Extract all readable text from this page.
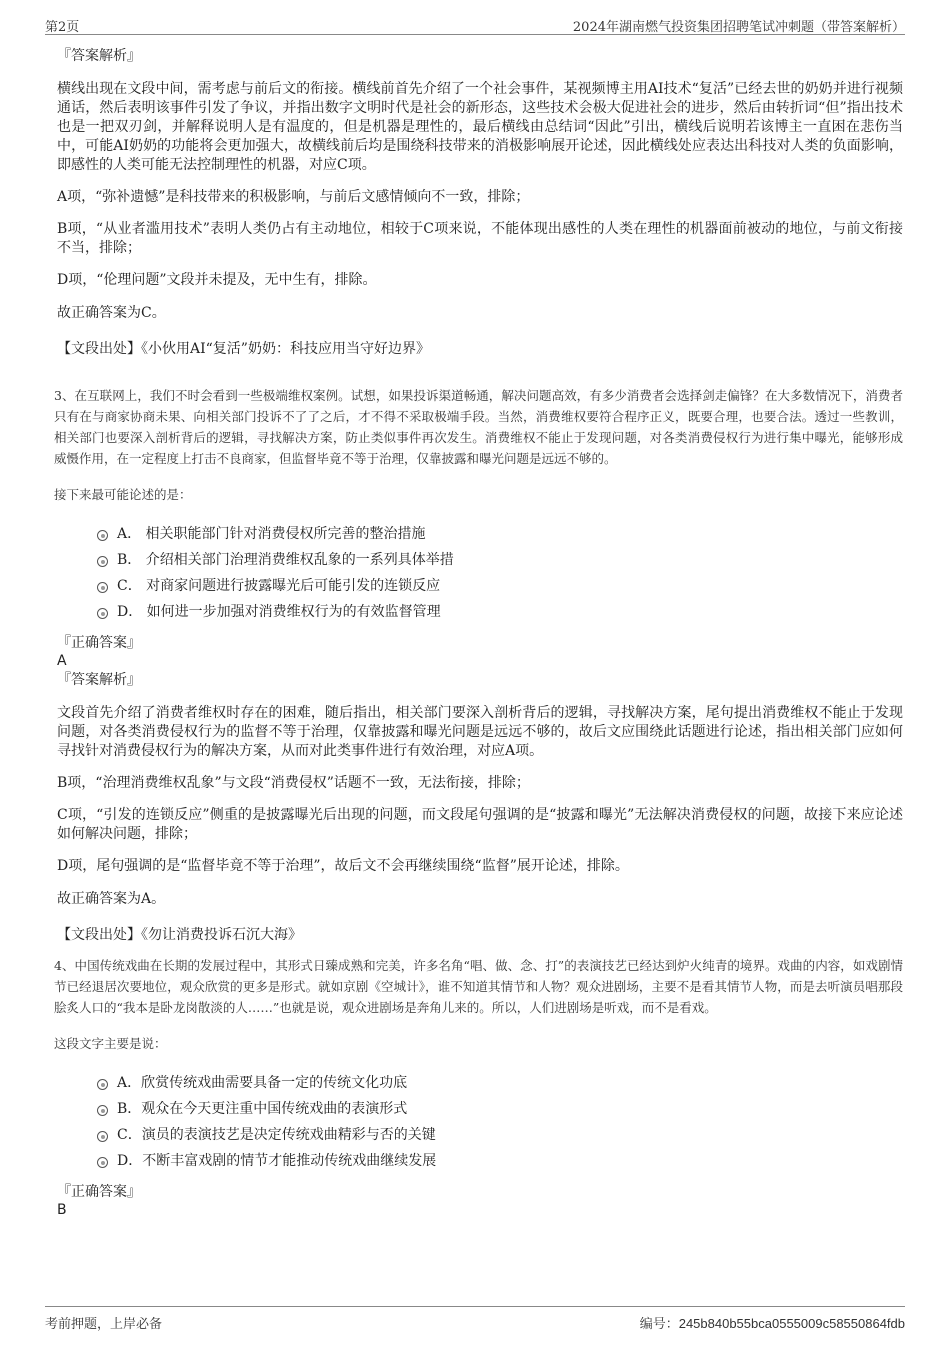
第2页	2024年湖南燃气投资集团招聘笔试冲刺题（带答案解析）

『答案解析』

横线出现在文段中间，需考虑与前后文的衔接。横线前首先介绍了一个社会事件，某视频博主用AI技术“复活”已经去世的奶奶并进行视频通话，然后表明该事件引发了争议，并指出数字文明时代是社会的新形态，这些技术会极大促进社会的进步，然后由转折词“但”指出技术也是一把双刃剑，并解释说明人是有温度的，但是机器是理性的，最后横线由总结词“因此”引出，横线后说明若该博主一直困在悲伤当中，可能AI奶奶的功能将会更加强大，故横线前后均是围绕科技带来的消极影响展开论述，因此横线处应表达出科技对人类的负面影响，即感性的人类可能无法控制理性的机器，对应C项。

A项，“弥补遗憾”是科技带来的积极影响，与前后文感情倾向不一致，排除；

B项，“从业者滥用技术”表明人类仍占有主动地位，相较于C项来说，不能体现出感性的人类在理性的机器面前被动的地位，与前文衔接不当，排除；

D项，“伦理问题”文段并未提及，无中生有，排除。

故正确答案为C。

【文段出处】《小伙用AI“复活”奶奶：科技应用当守好边界》

3、在互联网上，我们不时会看到一些极端维权案例。试想，如果投诉渠道畅通，解决问题高效，有多少消费者会选择剑走偏锋？在大多数情况下，消费者只有在与商家协商未果、向相关部门投诉不了了之后，才不得不采取极端手段。当然，消费维权要符合程序正义，既要合理，也要合法。透过一些教训，相关部门也要深入剖析背后的逻辑，寻找解决方案，防止类似事件再次发生。消费维权不能止于发现问题，对各类消费侵权行为进行集中曝光，能够形成威慑作用，在一定程度上打击不良商家，但监督毕竟不等于治理，仅靠披露和曝光问题是远远不够的。

接下来最可能论述的是：

A． 相关职能部门针对消费侵权所完善的整治措施
B． 介绍相关部门治理消费维权乱象的一系列具体举措
C． 对商家问题进行披露曝光后可能引发的连锁反应
D． 如何进一步加强对消费维权行为的有效监督管理

『正确答案』

A

『答案解析』

文段首先介绍了消费者维权时存在的困难，随后指出，相关部门要深入剖析背后的逻辑，寻找解决方案，尾句提出消费维权不能止于发现问题，对各类消费侵权行为的监督不等于治理，仅靠披露和曝光问题是远远不够的，故后文应围绕此话题进行论述，指出相关部门应如何寻找针对消费侵权行为的解决方案，从而对此类事件进行有效治理，对应A项。

B项，“治理消费维权乱象”与文段“消费侵权”话题不一致，无法衔接，排除；

C项，“引发的连锁反应”侧重的是披露曝光后出现的问题，而文段尾句强调的是“披露和曝光”无法解决消费侵权的问题，故接下来应论述如何解决问题，排除；

D项，尾句强调的是“监督毕竟不等于治理”，故后文不会再继续围绕“监督”展开论述，排除。

故正确答案为A。

【文段出处】《勿让消费投诉石沉大海》

4、中国传统戏曲在长期的发展过程中，其形式日臻成熟和完美，许多名角“唱、做、念、打”的表演技艺已经达到炉火纯青的境界。戏曲的内容，如戏剧情节已经退居次要地位，观众欣赏的更多是形式。就如京剧《空城计》，谁不知道其情节和人物？观众进剧场，主要不是看其情节人物，而是去听演员唱那段脍炙人口的“我本是卧龙岗散淡的人……”也就是说，观众进剧场是奔角儿来的。所以，人们进剧场是听戏，而不是看戏。

这段文字主要是说：

A．欣赏传统戏曲需要具备一定的传统文化功底
B．观众在今天更注重中国传统戏曲的表演形式
C．演员的表演技艺是决定传统戏曲精彩与否的关键
D．不断丰富戏剧的情节才能推动传统戏曲继续发展

『正确答案』

B

考前押题，上岸必备	编号：245b840b55bca0555009c58550864fdb
